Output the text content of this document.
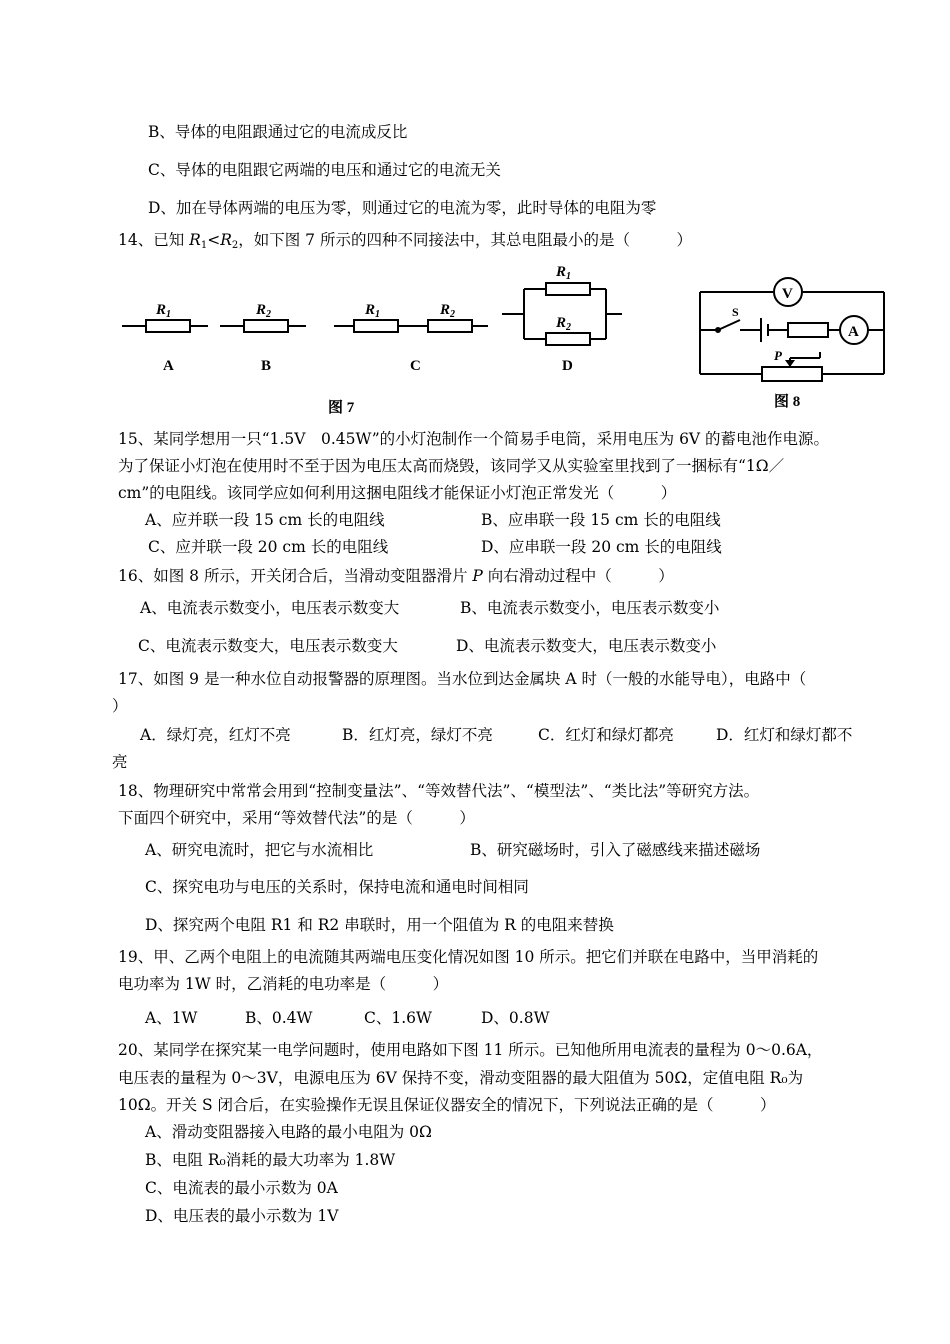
B、导体的电阻跟通过它的电流成反比
C、导体的电阻跟它两端的电压和通过它的电流无关
D、加在导体两端的电压为零，则通过它的电流为零，此时导体的电阻为零
14、已知 $R_1<R_2$，如下图 7 所示的四种不同接法中，其总电阻最小的是（　　　）
$R_1$	$R_2$	$R_1$	$R_2$
$R_1$
$R_2$
A	B	C	D
图 7
V
A
S
P
图 8
15、某同学想用一只“1.5V　0.45W”的小灯泡制作一个简易手电筒，采用电压为 6V 的蓄电池作电源。
为了保证小灯泡在使用时不至于因为电压太高而烧毁，该同学又从实验室里找到了一捆标有“1Ω／
cm”的电阻线。该同学应如何利用这捆电阻线才能保证小灯泡正常发光（　　　）
A、应并联一段 15 cm 长的电阻线	B、应串联一段 15 cm 长的电阻线
C、应并联一段 20 cm 长的电阻线	D、应串联一段 20 cm 长的电阻线
16、如图 8 所示，开关闭合后，当滑动变阻器滑片 P 向右滑动过程中（　　　）
A、电流表示数变小，电压表示数变大	B、电流表示数变小，电压表示数变小
C、电流表示数变大，电压表示数变大	D、电流表示数变大，电压表示数变小
17、如图 9 是一种水位自动报警器的原理图。当水位到达金属块 A 时（一般的水能导电），电路中（
）
A．绿灯亮，红灯不亮	B．红灯亮，绿灯不亮	C．红灯和绿灯都亮	D．红灯和绿灯都不
亮
18、物理研究中常常会用到“控制变量法”、“等效替代法”、“模型法”、“类比法”等研究方法。
下面四个研究中，采用“等效替代法”的是（　　　）
A、研究电流时，把它与水流相比	B、研究磁场时，引入了磁感线来描述磁场
C、探究电功与电压的关系时，保持电流和通电时间相同
D、探究两个电阻 R1 和 R2 串联时，用一个阻值为 R 的电阻来替换
19、甲、乙两个电阻上的电流随其两端电压变化情况如图 10 所示。把它们并联在电路中，当甲消耗的
电功率为 1W 时，乙消耗的电功率是（　　　）
A、1W	B、0.4W	C、1.6W	D、0.8W
20、某同学在探究某一电学问题时，使用电路如下图 11 所示。已知他所用电流表的量程为 0～0.6A，
电压表的量程为 0～3V，电源电压为 6V 保持不变，滑动变阻器的最大阻值为 50Ω，定值电阻 R₀为
10Ω。开关 S 闭合后，在实验操作无误且保证仪器安全的情况下，下列说法正确的是（　　　）
A、滑动变阻器接入电路的最小电阻为 0Ω
B、电阻 R₀消耗的最大功率为 1.8W
C、电流表的最小示数为 0A
D、电压表的最小示数为 1V
